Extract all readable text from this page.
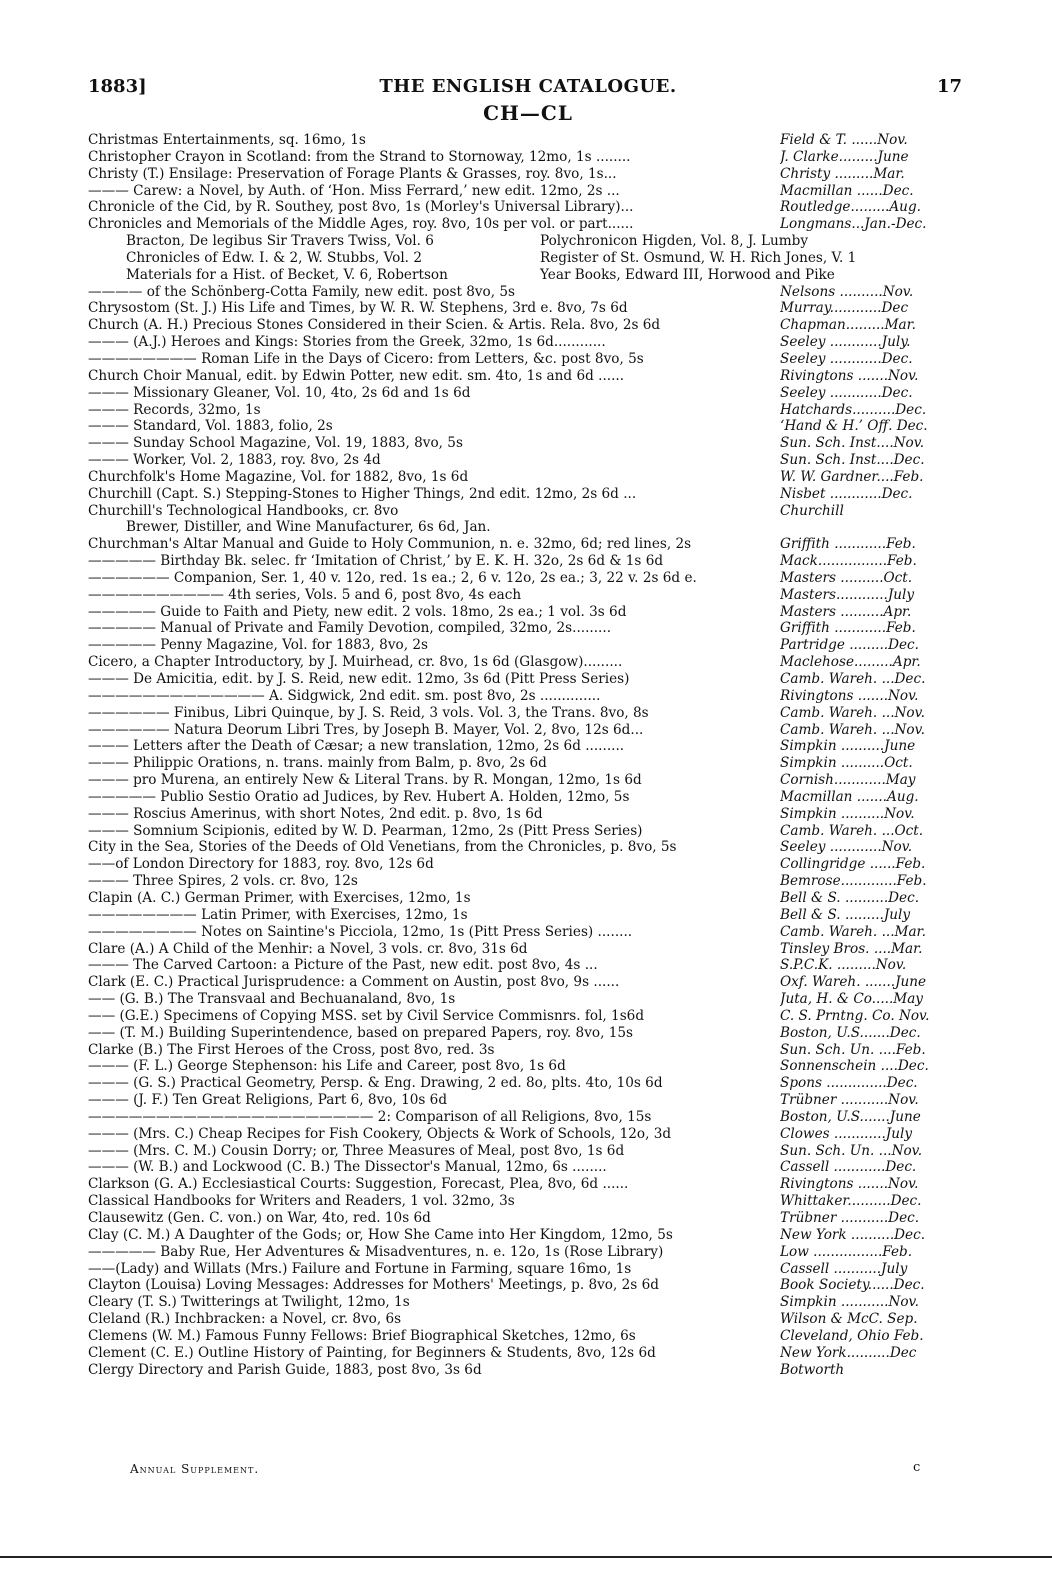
1883]	THE ENGLISH CATALOGUE.	17
CH—CL
Christmas Entertainments, sq. 16mo, 1s	Field & T. ......Nov.
Christopher Crayon in Scotland: from the Strand to Stornoway, 12mo, 1s ........	J. Clarke.........June
Christy (T.) Ensilage: Preservation of Forage Plants & Grasses, roy. 8vo, 1s...	Christy .........Mar.
——— Carew: a Novel, by Auth. of ‘Hon. Miss Ferrard,’ new edit. 12mo, 2s ...	Macmillan ......Dec.
Chronicle of the Cid, by R. Southey, post 8vo, 1s (Morley's Universal Library)...	Routledge.........Aug.
Chronicles and Memorials of the Middle Ages, roy. 8vo, 10s per vol. or part......	Longmans...Jan.-Dec.
Bracton, De legibus Sir Travers Twiss, Vol. 6	Polychronicon Higden, Vol. 8, J. Lumby
Chronicles of Edw. I. & 2, W. Stubbs, Vol. 2	Register of St. Osmund, W. H. Rich Jones, V. 1
Materials for a Hist. of Becket, V. 6, Robertson	Year Books, Edward III, Horwood and Pike
———— of the Schönberg-Cotta Family, new edit. post 8vo, 5s	Nelsons ..........Nov.
Chrysostom (St. J.) His Life and Times, by W. R. W. Stephens, 3rd e. 8vo, 7s 6d	Murray............Dec
Church (A. H.) Precious Stones Considered in their Scien. & Artis. Rela. 8vo, 2s 6d	Chapman.........Mar.
——— (A.J.) Heroes and Kings: Stories from the Greek, 32mo, 1s 6d............	Seeley ............July.
———————— Roman Life in the Days of Cicero: from Letters, &c. post 8vo, 5s	Seeley ............Dec.
Church Choir Manual, edit. by Edwin Potter, new edit. sm. 4to, 1s and 6d ......	Rivingtons .......Nov.
——— Missionary Gleaner, Vol. 10, 4to, 2s 6d and 1s 6d	Seeley ............Dec.
——— Records, 32mo, 1s	Hatchards..........Dec.
——— Standard, Vol. 1883, folio, 2s	‘Hand & H.’ Off. Dec.
——— Sunday School Magazine, Vol. 19, 1883, 8vo, 5s	Sun. Sch. Inst....Nov.
——— Worker, Vol. 2, 1883, roy. 8vo, 2s 4d	Sun. Sch. Inst....Dec.
Churchfolk's Home Magazine, Vol. for 1882, 8vo, 1s 6d	W. W. Gardner....Feb.
Churchill (Capt. S.) Stepping-Stones to Higher Things, 2nd edit. 12mo, 2s 6d ...	Nisbet ............Dec.
Churchill's Technological Handbooks, cr. 8vo	Churchill
Brewer, Distiller, and Wine Manufacturer, 6s 6d, Jan.
Churchman's Altar Manual and Guide to Holy Communion, n. e. 32mo, 6d; red lines, 2s	Griffith ............Feb.
————— Birthday Bk. selec. fr ‘Imitation of Christ,’ by E. K. H. 32o, 2s 6d & 1s 6d	Mack................Feb.
—————— Companion, Ser. 1, 40 v. 12o, red. 1s ea.; 2, 6 v. 12o, 2s ea.; 3, 22 v. 2s 6d e.	Masters ..........Oct.
—————————— 4th series, Vols. 5 and 6, post 8vo, 4s each	Masters............July
————— Guide to Faith and Piety, new edit. 2 vols. 18mo, 2s ea.; 1 vol. 3s 6d	Masters ..........Apr.
————— Manual of Private and Family Devotion, compiled, 32mo, 2s.........	Griffith ............Feb.
————— Penny Magazine, Vol. for 1883, 8vo, 2s	Partridge .........Dec.
Cicero, a Chapter Introductory, by J. Muirhead, cr. 8vo, 1s 6d (Glasgow).........	Maclehose.........Apr.
——— De Amicitia, edit. by J. S. Reid, new edit. 12mo, 3s 6d (Pitt Press Series)	Camb. Wareh. ...Dec.
————————————— A. Sidgwick, 2nd edit. sm. post 8vo, 2s ..............	Rivingtons .......Nov.
—————— Finibus, Libri Quinque, by J. S. Reid, 3 vols. Vol. 3, the Trans. 8vo, 8s	Camb. Wareh. ...Nov.
—————— Natura Deorum Libri Tres, by Joseph B. Mayer, Vol. 2, 8vo, 12s 6d...	Camb. Wareh. ...Nov.
——— Letters after the Death of Cæsar; a new translation, 12mo, 2s 6d .........	Simpkin ..........June
——— Philippic Orations, n. trans. mainly from Balm, p. 8vo, 2s 6d	Simpkin ..........Oct.
——— pro Murena, an entirely New & Literal Trans. by R. Mongan, 12mo, 1s 6d	Cornish............May
————— Publio Sestio Oratio ad Judices, by Rev. Hubert A. Holden, 12mo, 5s	Macmillan .......Aug.
——— Roscius Amerinus, with short Notes, 2nd edit. p. 8vo, 1s 6d	Simpkin ..........Nov.
——— Somnium Scipionis, edited by W. D. Pearman, 12mo, 2s (Pitt Press Series)	Camb. Wareh. ...Oct.
City in the Sea, Stories of the Deeds of Old Venetians, from the Chronicles, p. 8vo, 5s	Seeley ............Nov.
——of London Directory for 1883, roy. 8vo, 12s 6d	Collingridge ......Feb.
——— Three Spires, 2 vols. cr. 8vo, 12s	Bemrose.............Feb.
Clapin (A. C.) German Primer, with Exercises, 12mo, 1s	Bell & S. ..........Dec.
———————— Latin Primer, with Exercises, 12mo, 1s	Bell & S. .........July
———————— Notes on Saintine's Picciola, 12mo, 1s (Pitt Press Series) ........	Camb. Wareh. ...Mar.
Clare (A.) A Child of the Menhir: a Novel, 3 vols. cr. 8vo, 31s 6d	Tinsley Bros. ....Mar.
——— The Carved Cartoon: a Picture of the Past, new edit. post 8vo, 4s ...	S.P.C.K. .........Nov.
Clark (E. C.) Practical Jurisprudence: a Comment on Austin, post 8vo, 9s ......	Oxf. Wareh. .......June
—— (G. B.) The Transvaal and Bechuanaland, 8vo, 1s	Juta, H. & Co.....May
—— (G.E.) Specimens of Copying MSS. set by Civil Service Commisnrs. fol, 1s6d	C. S. Prntng. Co. Nov.
—— (T. M.) Building Superintendence, based on prepared Papers, roy. 8vo, 15s	Boston, U.S.......Dec.
Clarke (B.) The First Heroes of the Cross, post 8vo, red. 3s	Sun. Sch. Un. ....Feb.
——— (F. L.) George Stephenson: his Life and Career, post 8vo, 1s 6d	Sonnenschein ....Dec.
——— (G. S.) Practical Geometry, Persp. & Eng. Drawing, 2 ed. 8o, plts. 4to, 10s 6d	Spons ..............Dec.
——— (J. F.) Ten Great Religions, Part 6, 8vo, 10s 6d	Trübner ...........Nov.
————————————————————— 2: Comparison of all Religions, 8vo, 15s	Boston, U.S.......June
——— (Mrs. C.) Cheap Recipes for Fish Cookery, Objects & Work of Schools, 12o, 3d	Clowes ............July
——— (Mrs. C. M.) Cousin Dorry; or, Three Measures of Meal, post 8vo, 1s 6d	Sun. Sch. Un. ...Nov.
——— (W. B.) and Lockwood (C. B.) The Dissector's Manual, 12mo, 6s ........	Cassell ............Dec.
Clarkson (G. A.) Ecclesiastical Courts: Suggestion, Forecast, Plea, 8vo, 6d ......	Rivingtons .......Nov.
Classical Handbooks for Writers and Readers, 1 vol. 32mo, 3s	Whittaker..........Dec.
Clausewitz (Gen. C. von.) on War, 4to, red. 10s 6d	Trübner ...........Dec.
Clay (C. M.) A Daughter of the Gods; or, How She Came into Her Kingdom, 12mo, 5s	New York ..........Dec.
————— Baby Rue, Her Adventures & Misadventures, n. e. 12o, 1s (Rose Library)	Low ................Feb.
——(Lady) and Willats (Mrs.) Failure and Fortune in Farming, square 16mo, 1s	Cassell ...........July
Clayton (Louisa) Loving Messages: Addresses for Mothers' Meetings, p. 8vo, 2s 6d	Book Society......Dec.
Cleary (T. S.) Twitterings at Twilight, 12mo, 1s	Simpkin ...........Nov.
Cleland (R.) Inchbracken: a Novel, cr. 8vo, 6s	Wilson & McC. Sep.
Clemens (W. M.) Famous Funny Fellows: Brief Biographical Sketches, 12mo, 6s	Cleveland, Ohio Feb.
Clement (C. E.) Outline History of Painting, for Beginners & Students, 8vo, 12s 6d	New York..........Dec
Clergy Directory and Parish Guide, 1883, post 8vo, 3s 6d	Botworth
Annual Supplement.	c
